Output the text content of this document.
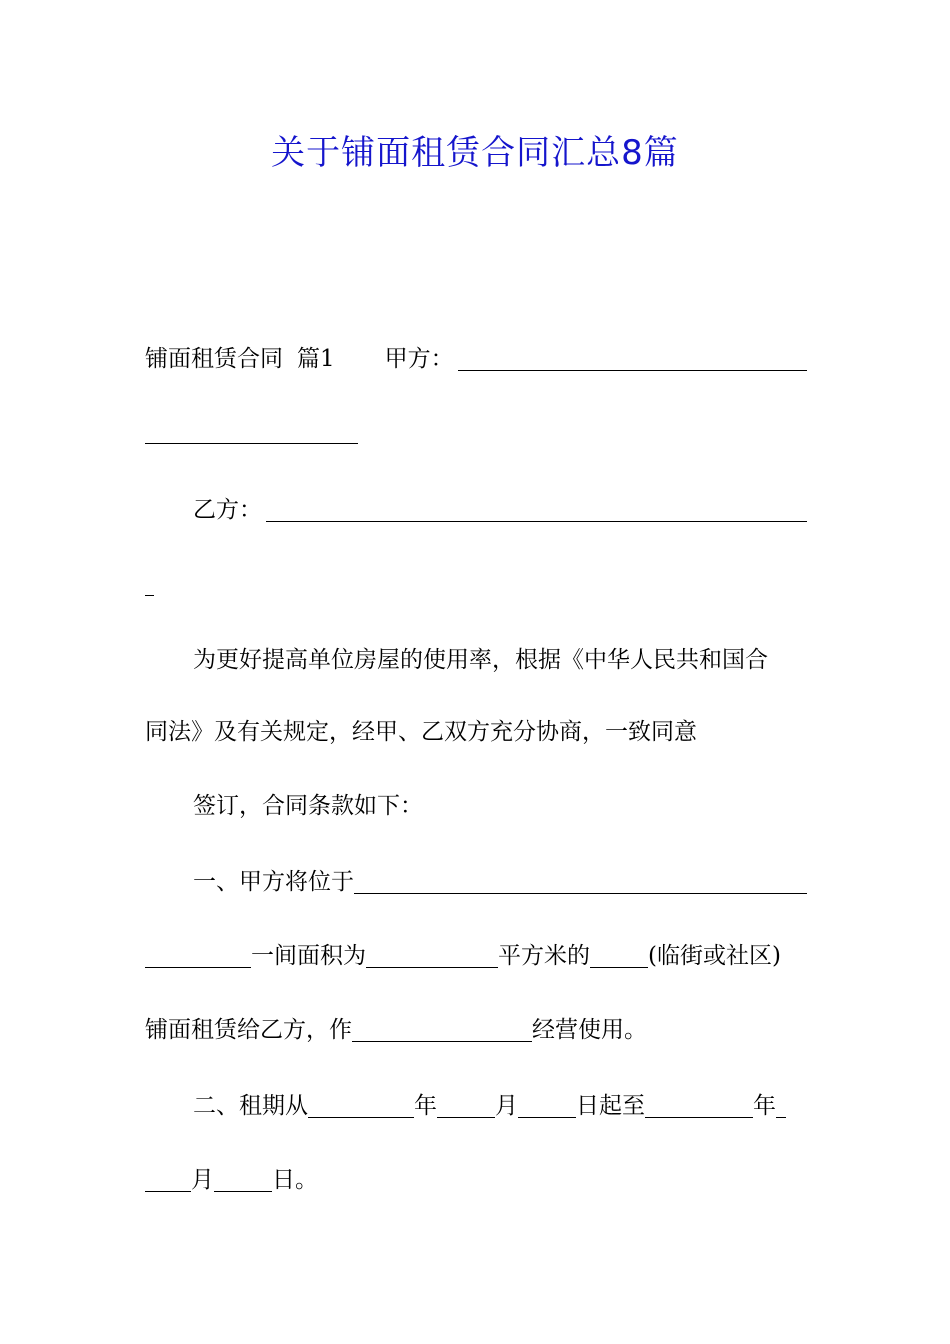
关于铺面租赁合同汇总8篇
铺面租赁合同 篇1 甲方：
乙方：
为更好提高单位房屋的使用率，根据《中华人民共和国合
同法》及有关规定，经甲、乙双方充分协商，一致同意
签订，合同条款如下：
一、甲方将位于
一间面积为	平方米的	(临街或社区)
铺面租赁给乙方，作	经营使用。
二、租期从	年	月	日起至	年
月	日。
